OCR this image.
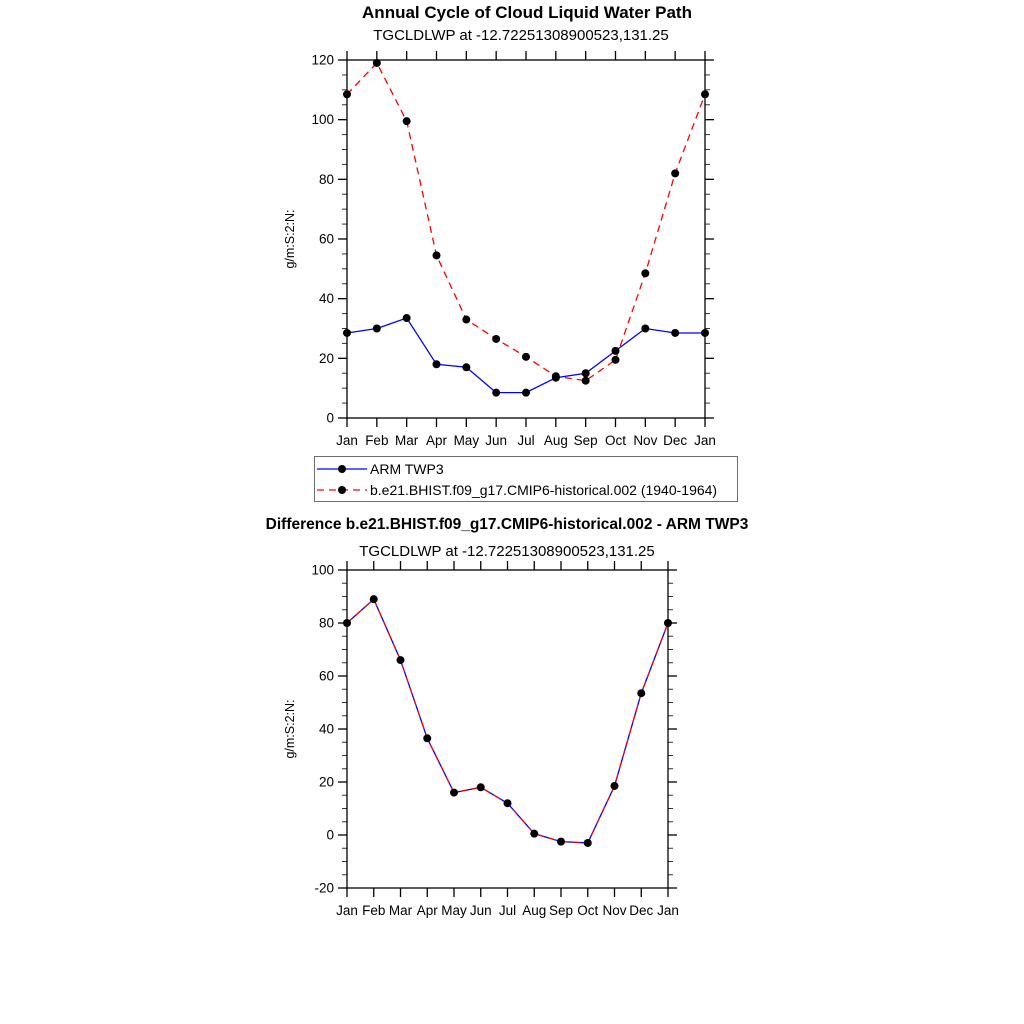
0
20
40
60
80
100
120
Jan Feb Mar Apr May Jun Jul Aug Sep Oct Nov Dec Jan
g/m:S:2:N:
-20
0
20
40
60
80
100
Jan Feb Mar Apr May Jun Jul Aug Sep Oct Nov Dec Jan
g/m:S:2:N:
Annual Cycle of Cloud Liquid Water Path
TGCLDLWP at -12.72251308900523,131.25
ARM TWP3
b.e21.BHIST.f09_g17.CMIP6-historical.002 (1940-1964)
Difference b.e21.BHIST.f09_g17.CMIP6-historical.002 - ARM TWP3
TGCLDLWP at -12.72251308900523,131.25
